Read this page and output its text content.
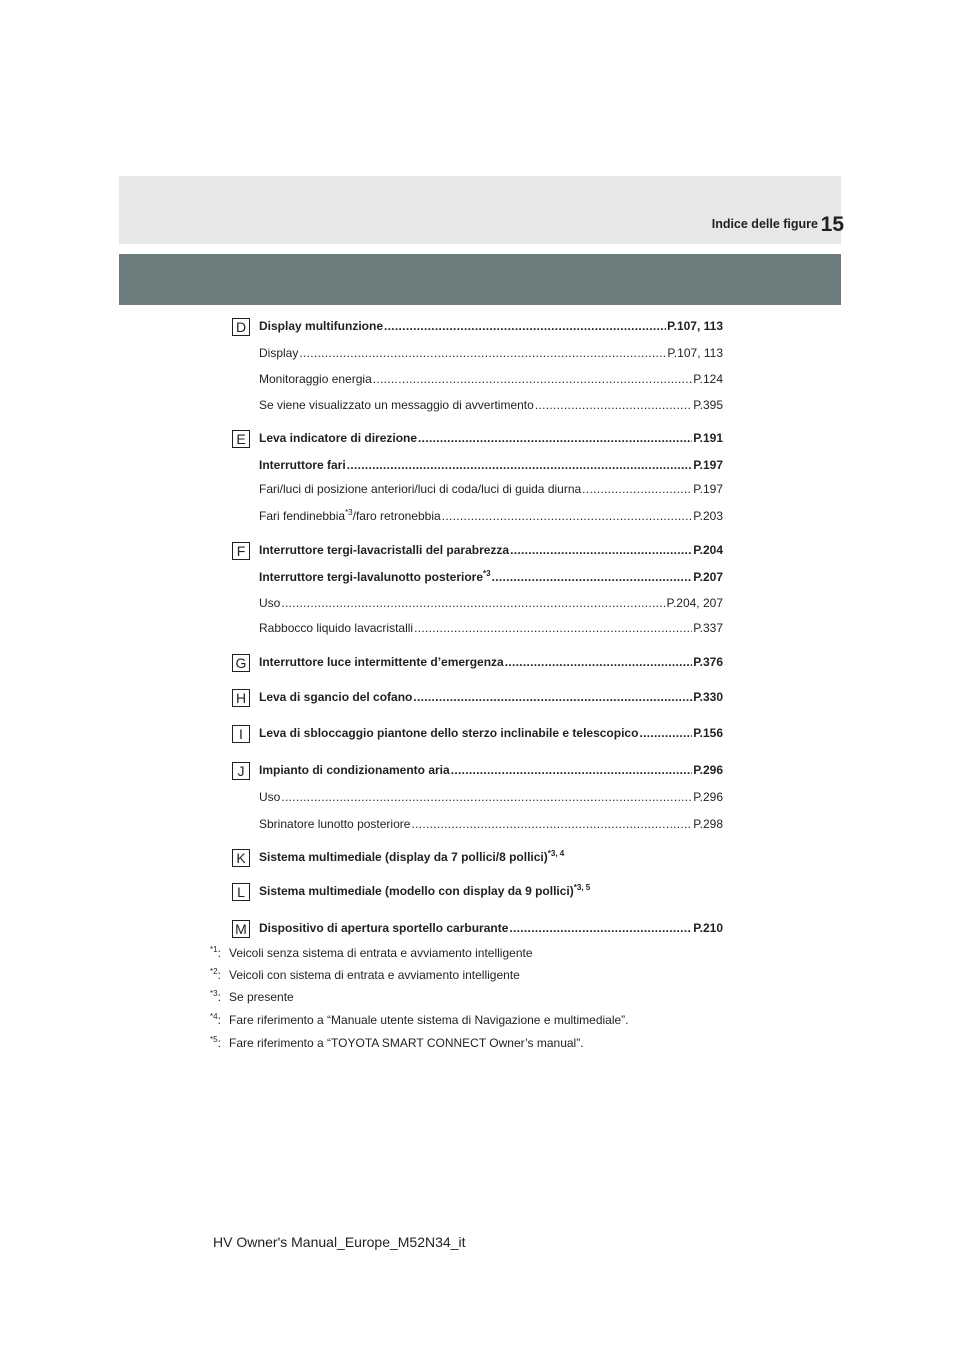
Indice delle figure 15
D	Display multifunzione .....	P.107, 113
Display .....	P.107, 113
Monitoraggio energia .....	P.124
Se viene visualizzato un messaggio di avvertimento .....	P.395
E	Leva indicatore di direzione .....	P.191
Interruttore fari .....	P.197
Fari/luci di posizione anteriori/luci di coda/luci di guida diurna .....	P.197
Fari fendinebbia$^{*3}$/faro retronebbia .....	P.203
F	Interruttore tergi-lavacristalli del parabrezza .....	P.204
Interruttore tergi-lavalunotto posteriore$^{*3}$ .....	P.207
Uso .....	P.204, 207
Rabbocco liquido lavacristalli .....	P.337
G Interruttore luce intermittente d’emergenza .....	P.376
H	Leva di sgancio del cofano .....	P.330
I	Leva di sbloccaggio piantone dello sterzo inclinabile e telescopico .....	P.156
J	Impianto di condizionamento aria .....	P.296
Uso .....	P.296
Sbrinatore lunotto posteriore .....	P.298
K	Sistema multimediale (display da 7 pollici/8 pollici)$^{*3, 4}$
L	Sistema multimediale (modello con display da 9 pollici)$^{*3, 5}$
M Dispositivo di apertura sportello carburante .....	P.210
$^{*1}$: Veicoli senza sistema di entrata e avviamento intelligente
$^{*2}$: Veicoli con sistema di entrata e avviamento intelligente
$^{*3}$: Se presente
$^{*4}$: Fare riferimento a “Manuale utente sistema di Navigazione e multimediale”.
$^{*5}$: Fare riferimento a “TOYOTA SMART CONNECT Owner’s manual”.
HV Owner's Manual_Europe_M52N34_it
